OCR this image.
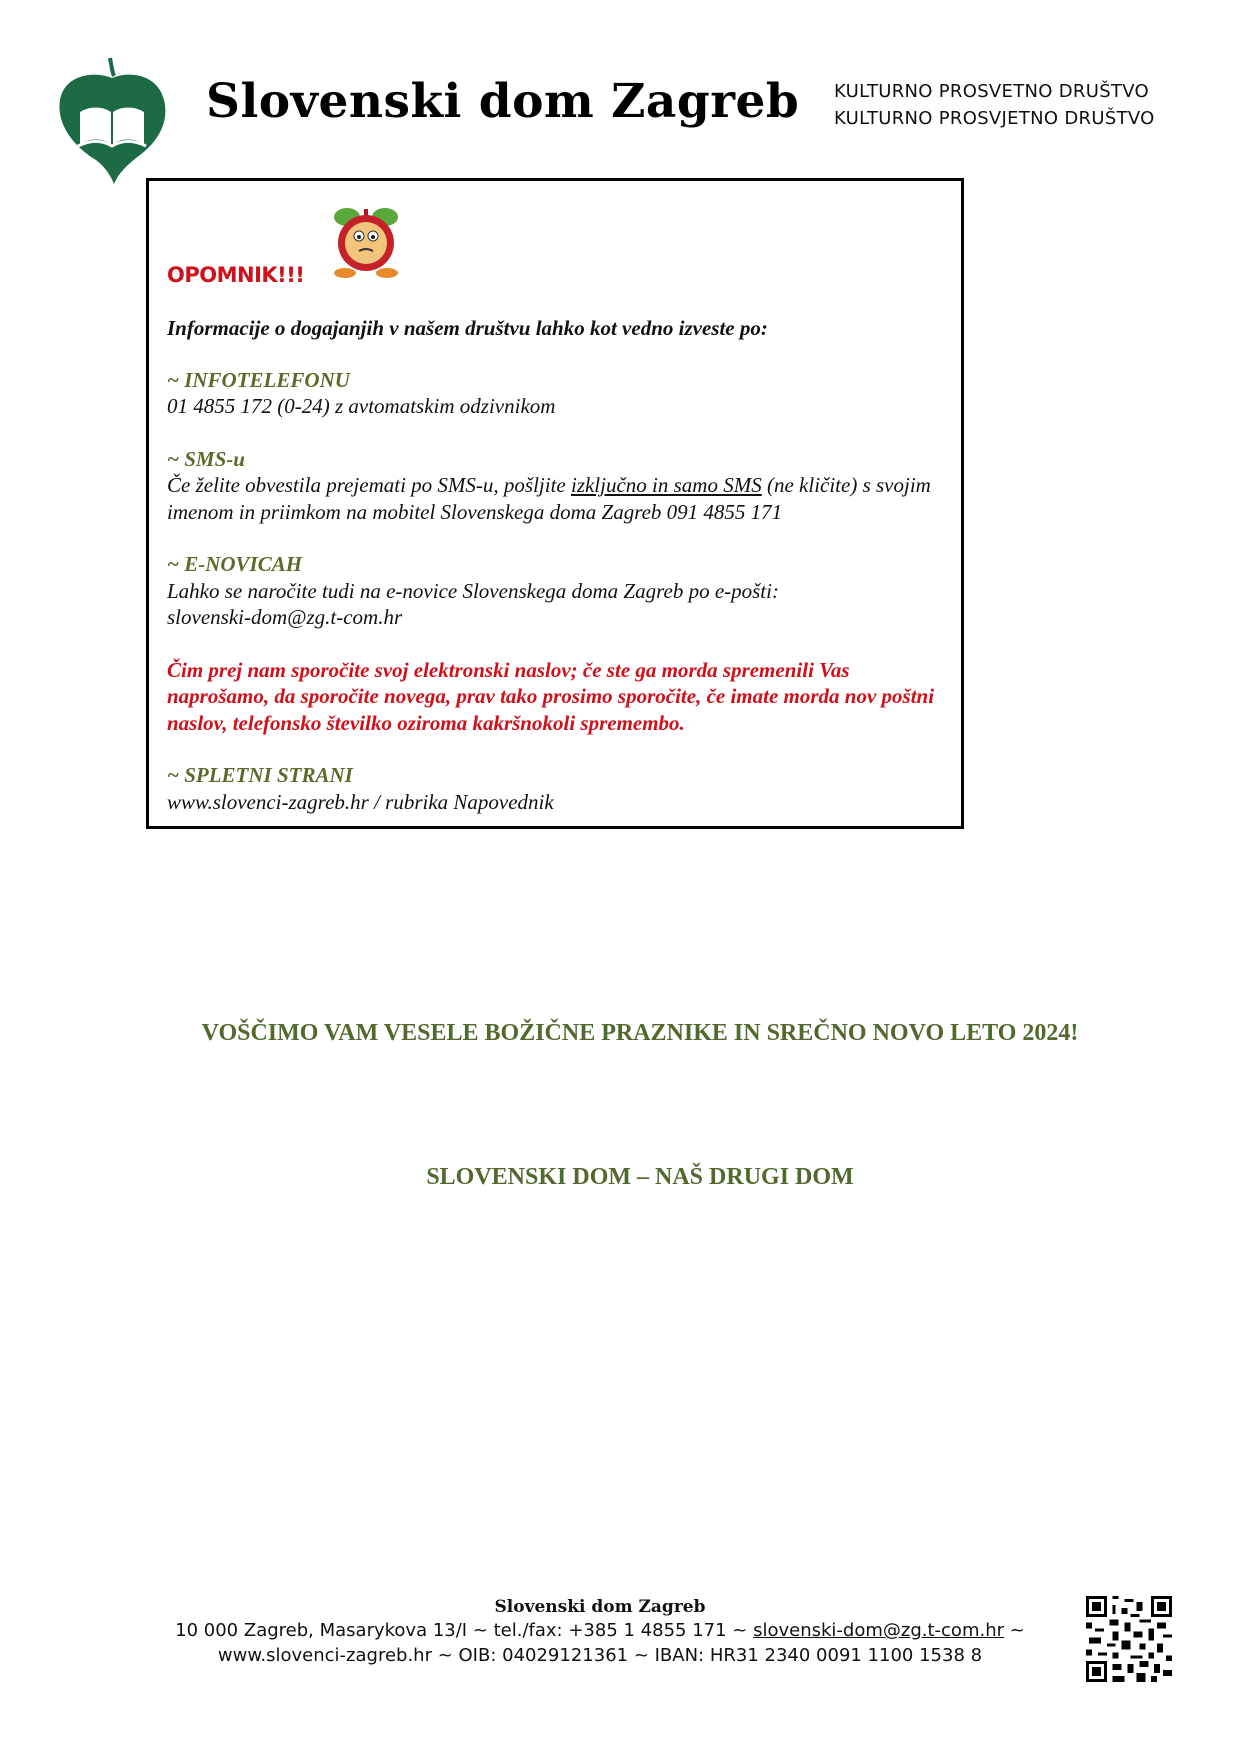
Slovenski dom Zagreb KULTURNO PROSVETNO DRUŠTVO
KULTURNO PROSVJETNO DRUŠTVO
OPOMNIK!!!

Informacije o dogajanjih v našem društvu lahko kot vedno izveste po:

~ INFOTELEFONU

01 4855 172 (0-24) z avtomatskim odzivnikom

~ SMS-u

Če želite obvestila prejemati po SMS-u, pošljite izključno in samo SMS (ne kličite) s svojim imenom in priimkom na mobitel Slovenskega doma Zagreb 091 4855 171

~ E-NOVICAH

Lahko se naročite tudi na e-novice Slovenskega doma Zagreb po e-pošti:

slovenski-dom@zg.t-com.hr

Čim prej nam sporočite svoj elektronski naslov; če ste ga morda spremenili Vas naprošamo, da sporočite novega, prav tako prosimo sporočite, če imate morda nov poštni naslov, telefonsko številko oziroma kakršnokoli spremembo.

~ SPLETNI STRANI

www.slovenci-zagreb.hr / rubrika Napovednik

VOŠČIMO VAM VESELE BOŽIČNE PRAZNIKE IN SREČNO NOVO LETO 2024!
SLOVENSKI DOM – NAŠ DRUGI DOM
Slovenski dom Zagreb
10 000 Zagreb, Masarykova 13/I ~ tel./fax: +385 1 4855 171 ~ slovenski-dom@zg.t-com.hr ~
www.slovenci-zagreb.hr ~ OIB: 04029121361 ~ IBAN: HR31 2340 0091 1100 1538 8
